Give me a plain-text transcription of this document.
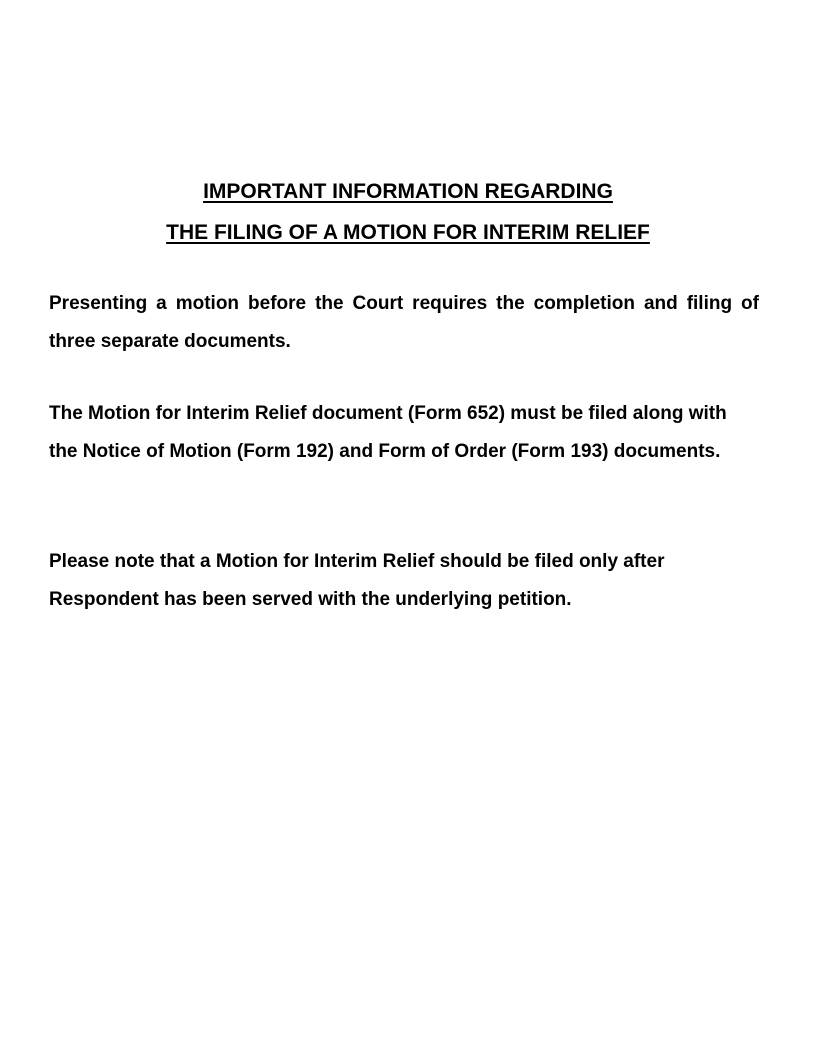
IMPORTANT INFORMATION REGARDING
THE FILING OF A MOTION FOR INTERIM RELIEF

Presenting a motion before the Court requires the completion and filing of three separate documents.

The Motion for Interim Relief document (Form 652) must be filed along with the Notice of Motion (Form 192) and Form of Order (Form 193) documents.

Please note that a Motion for Interim Relief should be filed only after Respondent has been served with the underlying petition.
